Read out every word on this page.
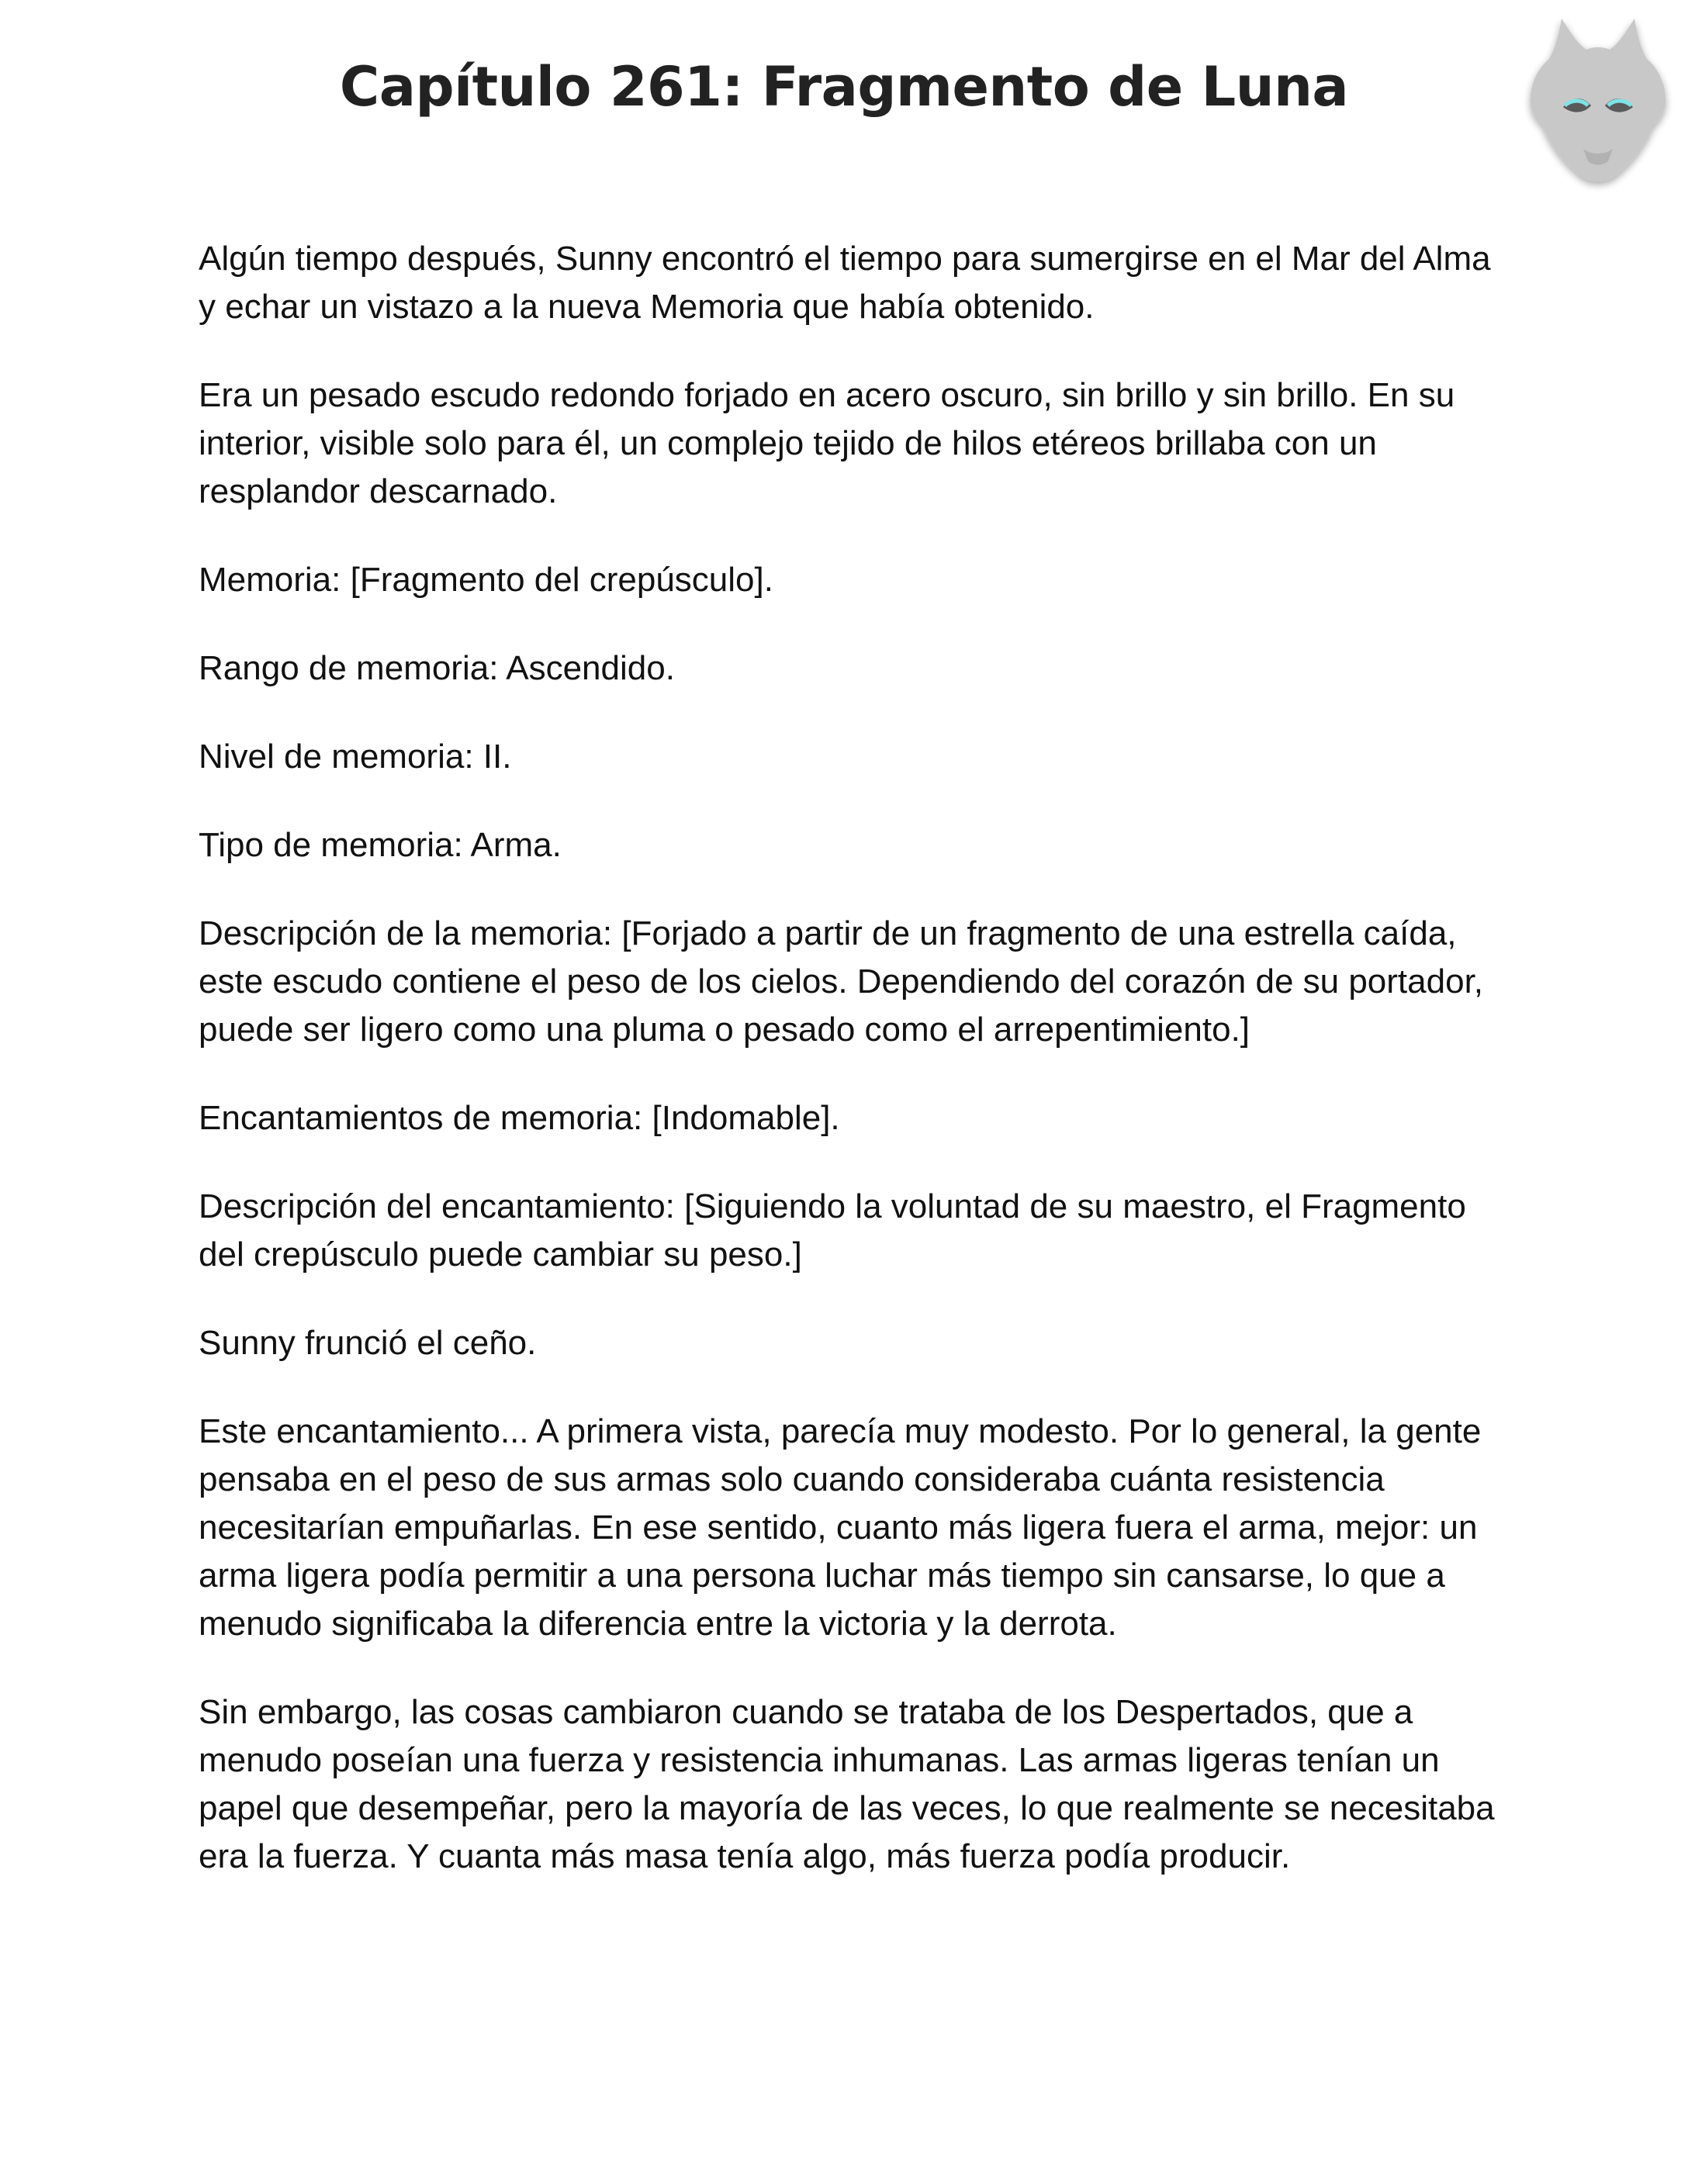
Capítulo 261: Fragmento de Luna

Algún tiempo después, Sunny encontró el tiempo para sumergirse en el Mar del Alma y echar un vistazo a la nueva Memoria que había obtenido.

Era un pesado escudo redondo forjado en acero oscuro, sin brillo y sin brillo. En su interior, visible solo para él, un complejo tejido de hilos etéreos brillaba con un resplandor descarnado.

Memoria: [Fragmento del crepúsculo].

Rango de memoria: Ascendido.

Nivel de memoria: II.

Tipo de memoria: Arma.

Descripción de la memoria: [Forjado a partir de un fragmento de una estrella caída, este escudo contiene el peso de los cielos. Dependiendo del corazón de su portador, puede ser ligero como una pluma o pesado como el arrepentimiento.]

Encantamientos de memoria: [Indomable].

Descripción del encantamiento: [Siguiendo la voluntad de su maestro, el Fragmento del crepúsculo puede cambiar su peso.]

Sunny frunció el ceño.

Este encantamiento... A primera vista, parecía muy modesto. Por lo general, la gente pensaba en el peso de sus armas solo cuando consideraba cuánta resistencia necesitarían empuñarlas. En ese sentido, cuanto más ligera fuera el arma, mejor: un arma ligera podía permitir a una persona luchar más tiempo sin cansarse, lo que a menudo significaba la diferencia entre la victoria y la derrota.

Sin embargo, las cosas cambiaron cuando se trataba de los Despertados, que a menudo poseían una fuerza y resistencia inhumanas. Las armas ligeras tenían un papel que desempeñar, pero la mayoría de las veces, lo que realmente se necesitaba era la fuerza. Y cuanta más masa tenía algo, más fuerza podía producir.
